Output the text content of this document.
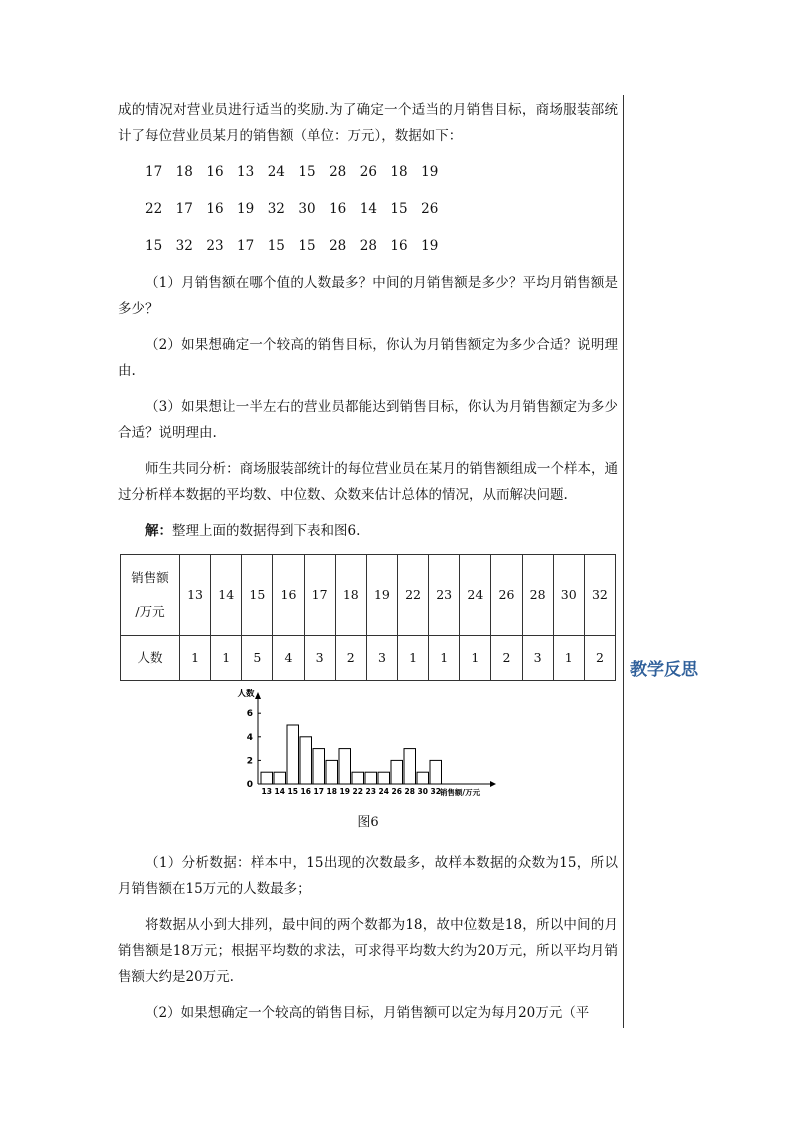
成的情况对营业员进行适当的奖励.为了确定一个适当的月销售目标，商场服装部统计了每位营业员某月的销售额（单位：万元），数据如下：

17　18　16　13　24　15　28　26　18　19

22　17　16　19　32　30　16　14　15　26

15　32　23　17　15　15　28　28　16　19

（1）月销售额在哪个值的人数最多？中间的月销售额是多少？平均月销售额是多少？

（2）如果想确定一个较高的销售目标，你认为月销售额定为多少合适？说明理由.

（3）如果想让一半左右的营业员都能达到销售目标，你认为月销售额定为多少合适？说明理由.

师生共同分析：商场服装部统计的每位营业员在某月的销售额组成一个样本，通过分析样本数据的平均数、中位数、众数来估计总体的情况，从而解决问题.

解：整理上面的数据得到下表和图6.

销售额
/万元	13	14	15	16	17	18	19	22	23	24	26	28	30	32
人数	1	1	5	4	3	2	3	1	1	1	2	3	1	2
人数
0
2
4
6
13 14 15 16 17 18 19 22 23 24 26 28 30 32
销售额/万元
图6

（1）分析数据：样本中，15出现的次数最多，故样本数据的众数为15，所以月销售额在15万元的人数最多；

将数据从小到大排列，最中间的两个数都为18，故中位数是18，所以中间的月销售额是18万元；根据平均数的求法，可求得平均数大约为20万元，所以平均月销售额大约是20万元.

（2）如果想确定一个较高的销售目标，月销售额可以定为每月20万元（平

教学反思
